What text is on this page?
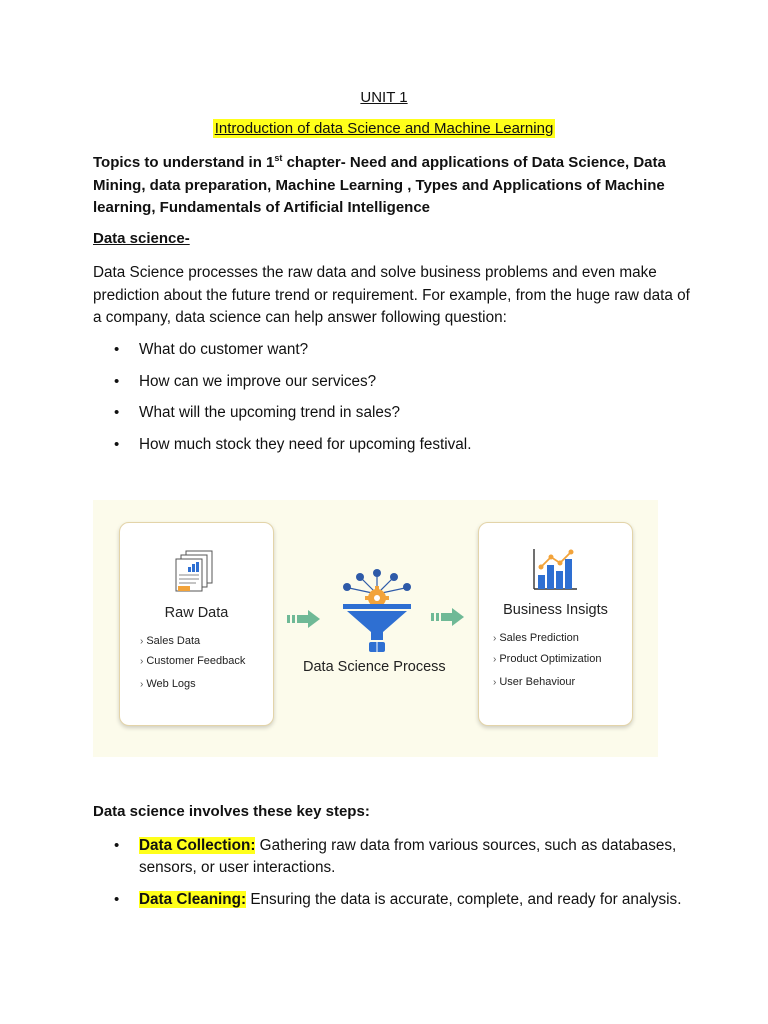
UNIT 1
Introduction of data Science and Machine Learning
Topics to understand in 1st chapter- Need and applications of Data Science, Data Mining, data preparation, Machine Learning , Types and Applications of Machine learning, Fundamentals of Artificial Intelligence
Data science-
Data Science processes the raw data and solve business problems and even make prediction about the future trend or requirement. For example, from the huge raw data of a company, data science can help answer following question:
• What do customer want?
• How can we improve our services?
• What will the upcoming trend in sales?
• How much stock they need for upcoming festival.
Raw Data
› Sales Data
› Customer Feedback
› Web Logs
Data Science Process
Business Insigts
› Sales Prediction
› Product Optimization
› User Behaviour
Data science involves these key steps:
• Data Collection: Gathering raw data from various sources, such as databases, sensors, or user interactions.
• Data Cleaning: Ensuring the data is accurate, complete, and ready for analysis.
